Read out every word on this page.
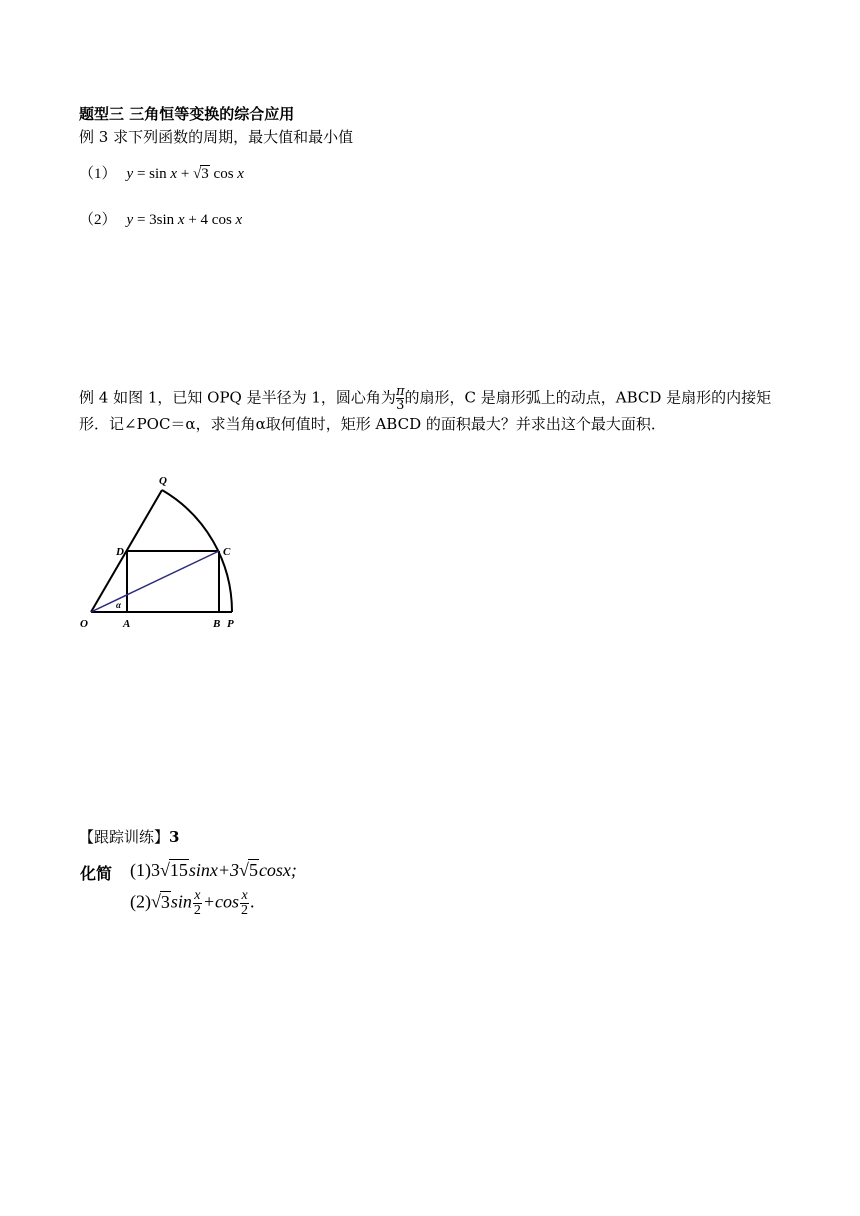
题型三 三角恒等变换的综合应用
例 3 求下列函数的周期，最大值和最小值
（1） y = sin x + √3 cos x
（2） y = 3sin x + 4 cos x
例 4 如图 1，已知 OPQ 是半径为 1，圆心角为 $\frac{\pi}{3}$ 的扇形，C 是扇形弧上的动点，ABCD 是扇形的内接矩形．记∠POC＝α，求当角α取何值时，矩形 ABCD 的面积最大？并求出这个最大面积．
O	A	B P
C
D
Q
α
【跟踪训练】3
化简 (1)3√15sinx+3√5cosx;
$(2)√3\sin \frac{x}{2} +\cos \frac{x}{2}$ .
